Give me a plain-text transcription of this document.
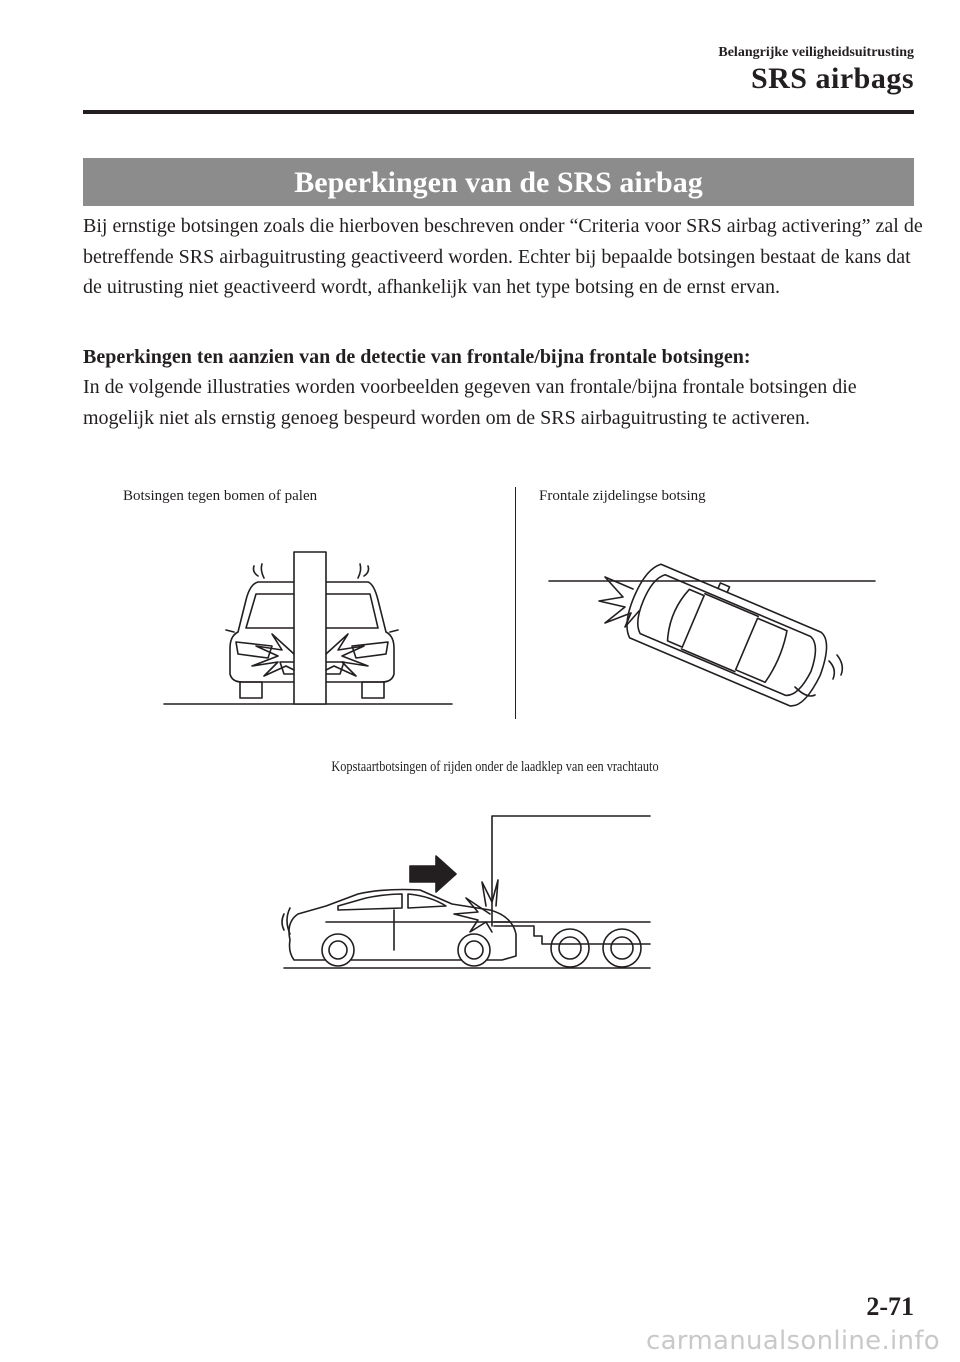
Belangrijke veiligheidsuitrusting
SRS airbags
Beperkingen van de SRS airbag
Bij ernstige botsingen zoals die hierboven beschreven onder “Criteria voor SRS airbag activering” zal de betreffende SRS airbaguitrusting geactiveerd worden. Echter bij bepaalde botsingen bestaat de kans dat de uitrusting niet geactiveerd wordt, afhankelijk van het type botsing en de ernst ervan.
Beperkingen ten aanzien van de detectie van frontale/bijna frontale botsingen:
In de volgende illustraties worden voorbeelden gegeven van frontale/bijna frontale botsingen die mogelijk niet als ernstig genoeg bespeurd worden om de SRS airbaguitrusting te activeren.
Botsingen tegen bomen of palen	Frontale zijdelingse botsing
Kopstaartbotsingen of rijden onder de laadklep van een vrachtauto
2-71
carmanualsonline.info
